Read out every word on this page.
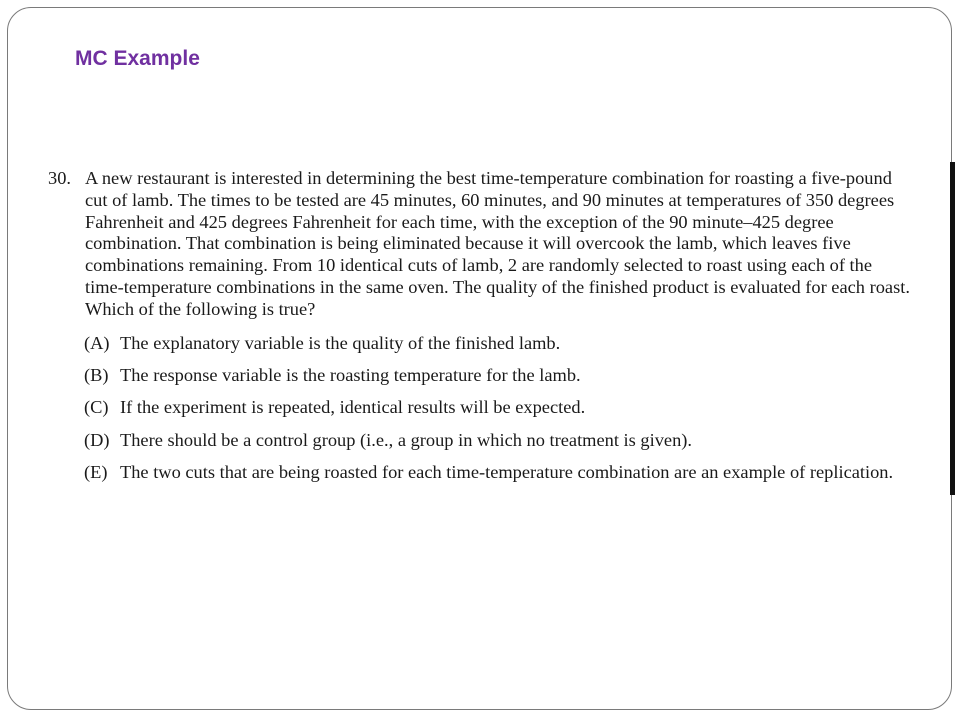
MC Example
30. A new restaurant is interested in determining the best time-temperature combination for roasting a five-pound
cut of lamb. The times to be tested are 45 minutes, 60 minutes, and 90 minutes at temperatures of 350 degrees
Fahrenheit and 425 degrees Fahrenheit for each time, with the exception of the 90 minute–425 degree
combination. That combination is being eliminated because it will overcook the lamb, which leaves five
combinations remaining. From 10 identical cuts of lamb, 2 are randomly selected to roast using each of the
time-temperature combinations in the same oven. The quality of the finished product is evaluated for each roast.
Which of the following is true?
(A) The explanatory variable is the quality of the finished lamb.
(B) The response variable is the roasting temperature for the lamb.
(C) If the experiment is repeated, identical results will be expected.
(D) There should be a control group (i.e., a group in which no treatment is given).
(E) The two cuts that are being roasted for each time-temperature combination are an example of replication.
